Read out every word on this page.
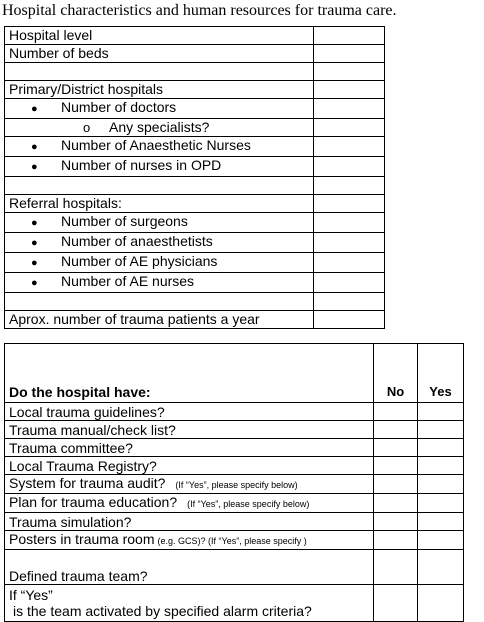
Hospital characteristics and human resources for trauma care.
Hospital level	
Number of beds	

Primary/District hospitals	
● Number of doctors	
o Any specialists?	
● Number of Anaesthetic Nurses	
● Number of nurses in OPD	

Referral hospitals:	
● Number of surgeons	
● Number of anaesthetists	
● Number of AE physicians	
● Number of AE nurses	

Aprox. number of trauma patients a year	
Do the hospital have:	No	Yes
Local trauma guidelines?		
Trauma manual/check list?		
Trauma committee?		
Local Trauma Registry?		
System for trauma audit? (If “Yes”, please specify below)		
Plan for trauma education? (If “Yes”, please specify below)		
Trauma simulation?		
Posters in trauma room (e.g. GCS)? (If “Yes”, please specify )		
Defined trauma team?		

If “Yes”
is the team activated by specified alarm criteria?		
